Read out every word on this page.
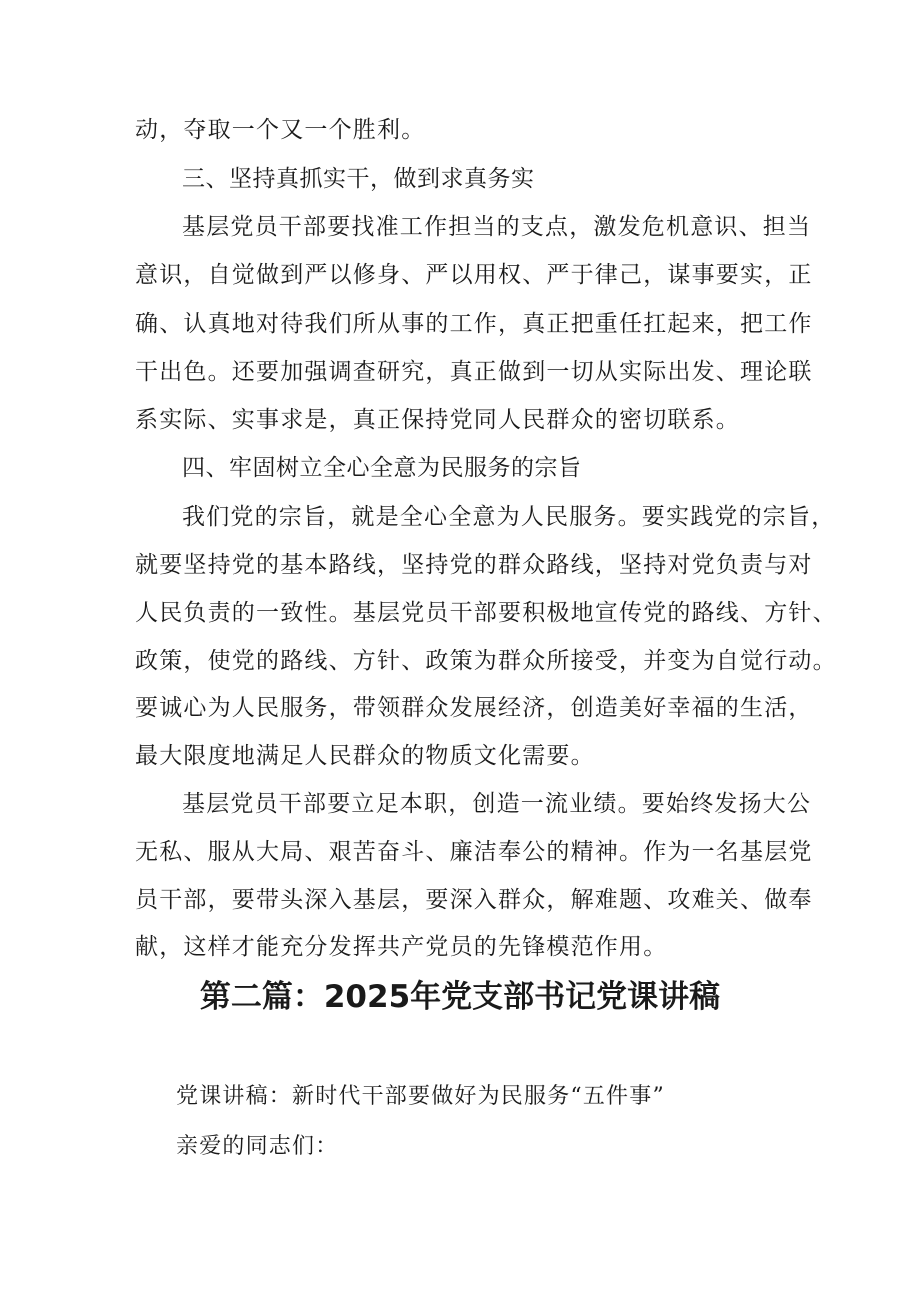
动，夺取一个又一个胜利。
三、坚持真抓实干，做到求真务实
基层党员干部要找准工作担当的支点，激发危机意识、担当
意识，自觉做到严以修身、严以用权、严于律己，谋事要实，正
确、认真地对待我们所从事的工作，真正把重任扛起来，把工作
干出色。还要加强调查研究，真正做到一切从实际出发、理论联
系实际、实事求是，真正保持党同人民群众的密切联系。
四、牢固树立全心全意为民服务的宗旨
我们党的宗旨，就是全心全意为人民服务。要实践党的宗旨，
就要坚持党的基本路线，坚持党的群众路线，坚持对党负责与对
人民负责的一致性。基层党员干部要积极地宣传党的路线、方针、
政策，使党的路线、方针、政策为群众所接受，并变为自觉行动。
要诚心为人民服务，带领群众发展经济，创造美好幸福的生活，
最大限度地满足人民群众的物质文化需要。
基层党员干部要立足本职，创造一流业绩。要始终发扬大公
无私、服从大局、艰苦奋斗、廉洁奉公的精神。作为一名基层党
员干部，要带头深入基层，要深入群众，解难题、攻难关、做奉
献，这样才能充分发挥共产党员的先锋模范作用。
第二篇：2025年党支部书记党课讲稿
党课讲稿：新时代干部要做好为民服务“五件事”
亲爱的同志们：
